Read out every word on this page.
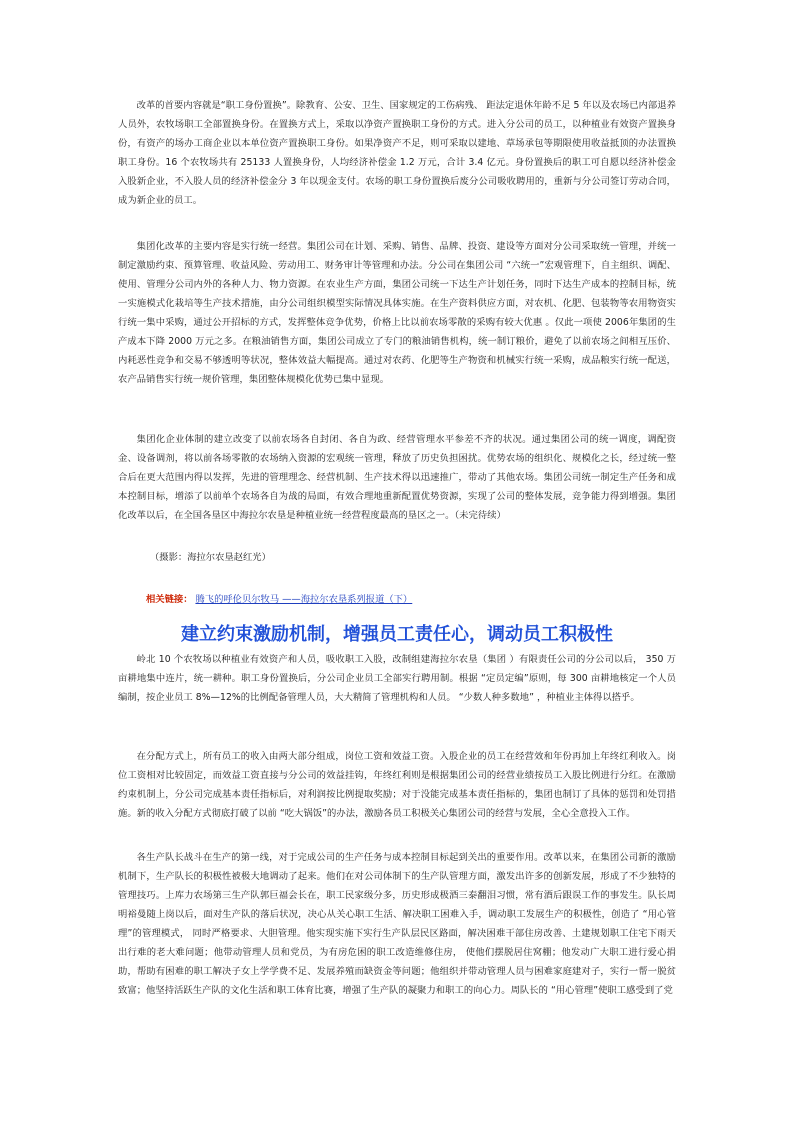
改革的首要内容就是“职工身份置换”。除教育、公安、卫生、国家规定的工伤病残、 距法定退休年龄不足 5 年以及农场已内部退养人员外，农牧场职工全部置换身份。在置换方式上，采取以净资产置换职工身份的方式。进入分公司的员工，以种植业有效资产置换身份，有资产的场办工商企业以本单位资产置换职工身份。如果净资产不足，则可采取以建地、草场承包等期限使用收益抵顶的办法置换职工身份。16 个农牧场共有 25133 人置换身份，人均经济补偿金 1.2 万元，合计 3.4 亿元。身份置换后的职工可自愿以经济补偿金入股新企业，不入股人员的经济补偿金分 3 年以现金支付。农场的职工身份置换后废分公司吸收聘用的，重新与分公司签订劳动合同，成为新企业的员工。

集团化改革的主要内容是实行统一经营。集团公司在计划、采购、销售、品牌、投资、建设等方面对分公司采取统一管理，并统一制定激励约束、预算管理、收益风险、劳动用工、财务审计等管理和办法。分公司在集团公司 “六统一”宏观管理下，自主组织、调配、使用、管理分公司内外的各种人力、物力资源。在农业生产方面，集团公司统一下达生产计划任务，同时下达生产成本的控制目标，统一实施模式化栽培等生产技术措施，由分公司组织模型实际情况具体实施。在生产资料供应方面，对农机、化肥、包装物等农用物资实行统一集中采购，通过公开招标的方式，发挥整体竞争优势，价格上比以前农场零散的采购有较大优惠 。仅此一项使 2006年集团的生产成本下降 2000 万元之多。在粮油销售方面，集团公司成立了专门的粮油销售机构，统一制订粮价，避免了以前农场之间相互压价、内耗恶性竞争和交易不够透明等状况，整体效益大幅提高。通过对农药、化肥等生产物资和机械实行统一采购，成品粮实行统一配送，农产品销售实行统一规价管理，集团整体规模化优势已集中显现。

集团化企业体制的建立改变了以前农场各自封闭、各自为政、经营管理水平参差不齐的状况。通过集团公司的统一调度，调配资金、设备调剂，将以前各场零散的农场纳入资源的宏观统一管理，释放了历史负担困扰。优势农场的组织化、规模化之长，经过统一整合后在更大范围内得以发挥，先进的管理理念、经营机制、生产技术得以迅速推广，带动了其他农场。集团公司统一制定生产任务和成本控制目标，增添了以前单个农场各自为战的局面，有效合理地重新配置优势资源，实现了公司的整体发展，竞争能力得到增强。集团化改革以后，在全国各垦区中海拉尔农垦是种植业统一经营程度最高的垦区之一。（未完待续）

（摄影：海拉尔农垦赵红光）
相关链接： 腾飞的呼伦贝尔牧马 ——海拉尔农垦系列报道（下）
建立约束激励机制，增强员工责任心，调动员工积极性

岭北 10 个农牧场以种植业有效资产和人员，吸收职工入股，改制组建海拉尔农垦（集团 ）有限责任公司的分公司以后， 350 万亩耕地集中连片，统一耕种。职工身份置换后，分公司企业员工全部实行聘用制。根据 “定员定编”原则，每 300 亩耕地核定一个人员编制，按企业员工 8%—12%的比例配备管理人员，大大精简了管理机构和人员。 “少数人种多数地” ，种植业主体得以搭乎。

在分配方式上，所有员工的收入由两大部分组成，岗位工资和效益工资。入股企业的员工在经营效和年份再加上年终红利收入。岗位工资相对比较固定，而效益工资直接与分公司的效益挂钩，年终红利则是根据集团公司的经营业绩按员工入股比例进行分红。在激励约束机制上，分公司完成基本责任指标后，对利润按比例提取奖励；对于没能完成基本责任指标的，集团也制订了具体的惩罚和处罚措施。新的收入分配方式彻底打破了以前 “吃大锅饭”的办法，激励各员工积极关心集团公司的经营与发展，全心全意投入工作。

各生产队长战斗在生产的第一线，对于完成公司的生产任务与成本控制目标起到关出的重要作用。改革以来，在集团公司新的激励机制下，生产队长的积极性被极大地调动了起来。他们在对公司体制下的生产队管理方面，激发出许多的创新发展，形成了不少独特的管理技巧。上库力农场第三生产队郭巨福会长在，职工民家级分多，历史形成极酒三泰翻泪习惯，常有酒后跟误工作的事发生。队长周明裕曼随上岗以后，面对生产队的落后状况，决心从关心职工生活、解决职工困难入手，调动职工发展生产的积极性，创造了 “用心管理”的管理模式， 同时严格要求、大胆管理。他实现实施下实行生产队层民区路面，解决困难干部住房改善、土建规划职工住宅下雨天出行难的老大难问题；他带动管理人员和党员，为有房危困的职工改造维修住房， 使他们摆脱居住窝棚；他发动广大职工进行爱心捐助，帮助有困难的职工解决子女上学学费不足、发展养殖而缺资金等问题；他组织并带动管理人员与困难家庭建对子，实行一帮一脱贫致富；他坚持活跃生产队的文化生活和职工体育比赛，增强了生产队的凝聚力和职工的向心力。周队长的 “用心管理”使职工感受到了党
